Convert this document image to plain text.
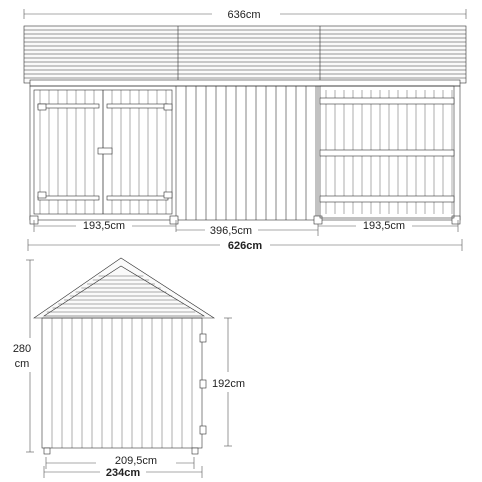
636cm
193,5cm	396,5cm	193,5cm
626cm
280
cm
192cm
209,5cm
234cm
